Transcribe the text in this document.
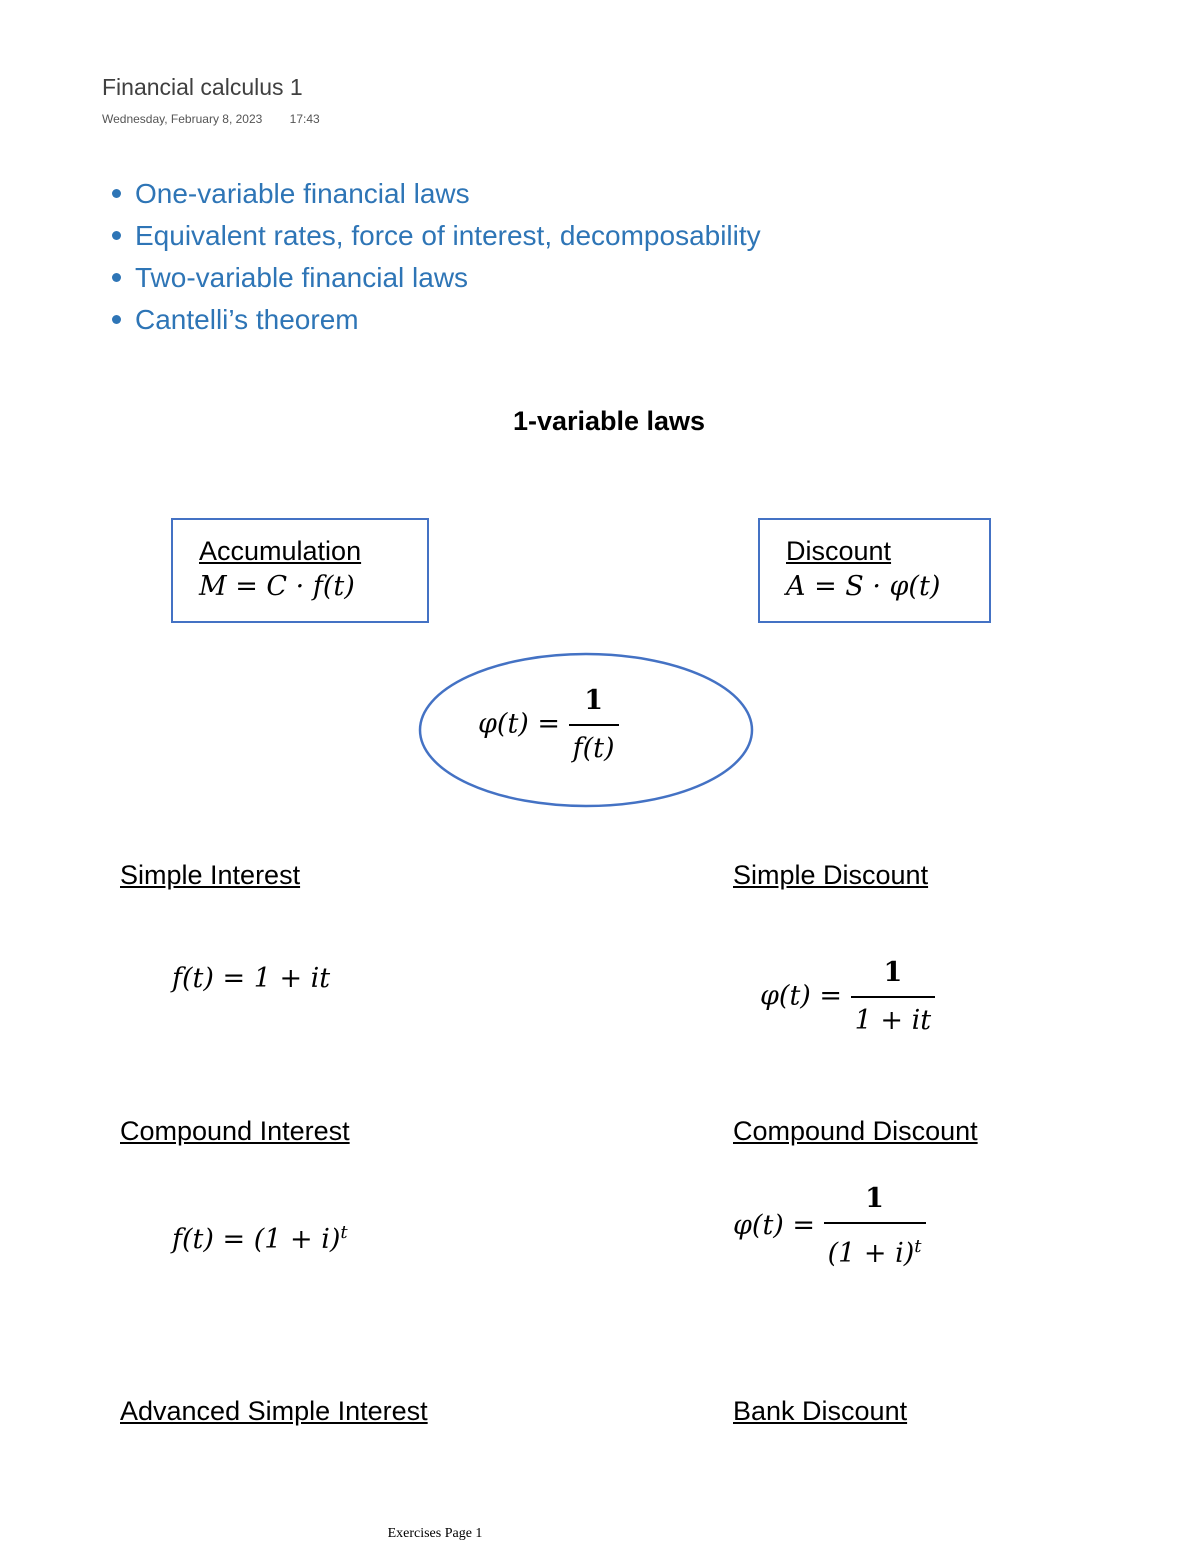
Financial calculus 1
Wednesday, February 8, 2023 17:43
One-variable financial laws
Equivalent rates, force of interest, decomposability
Two-variable financial laws
Cantelli’s theorem
1-variable laws
Accumulation
M = C · f(t)
Discount
A = S · φ(t)
$\varphi(t) = \frac{1}{f(t)}$
Simple Interest	Simple Discount
f(t) = 1 + it
$\varphi(t) = \frac{1}{1 + it}$
Compound Interest	Compound Discount
$f(t) = (1 + i)^t$	$\varphi(t) = \frac{1}{(1 + i)^t}$
Advanced Simple Interest	Bank Discount
Exercises Page 1
